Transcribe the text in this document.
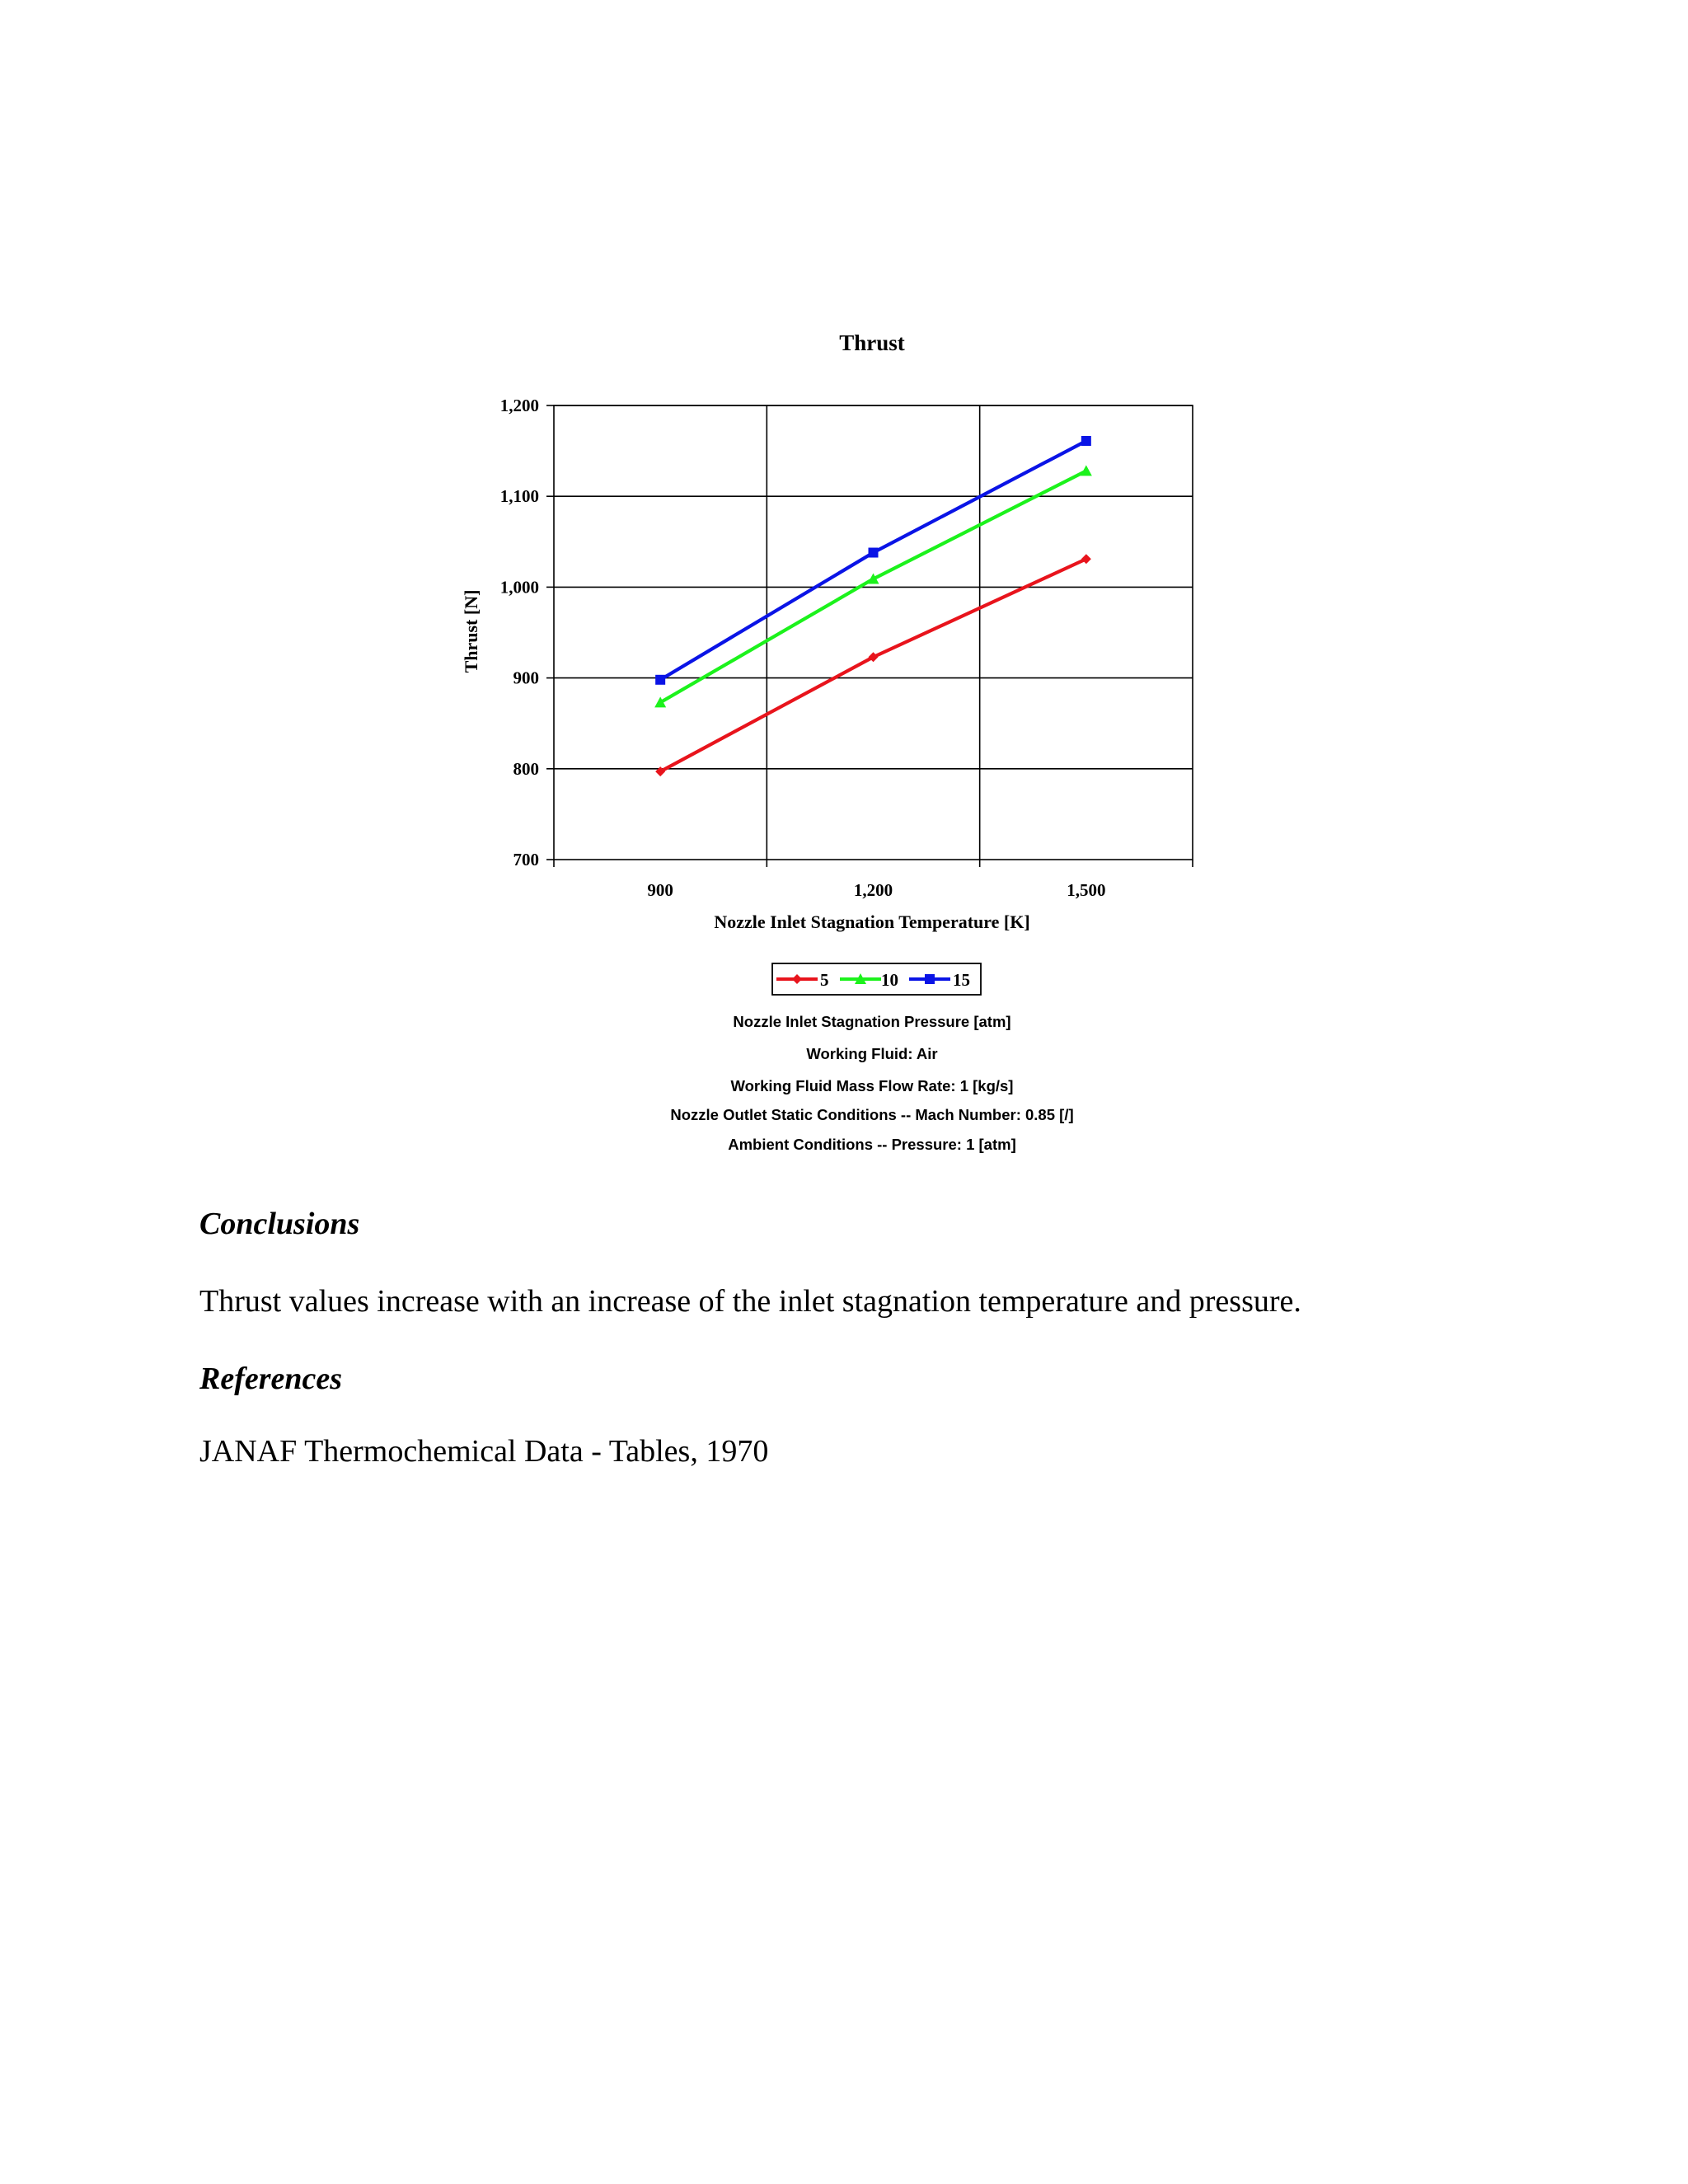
Thrust
700
800
900
1,000
1,100
1,200
900	1,200	1,500
Nozzle Inlet Stagnation Temperature [K]
Thrust [N]
5	10	15
Nozzle Inlet Stagnation Pressure [atm]
Working Fluid: Air
Working Fluid Mass Flow Rate: 1 [kg/s]
Nozzle Outlet Static Conditions -- Mach Number: 0.85 [/]
Ambient Conditions -- Pressure: 1 [atm]
Conclusions

Thrust values increase with an increase of the inlet stagnation temperature and pressure.

References

JANAF Thermochemical Data - Tables, 1970
